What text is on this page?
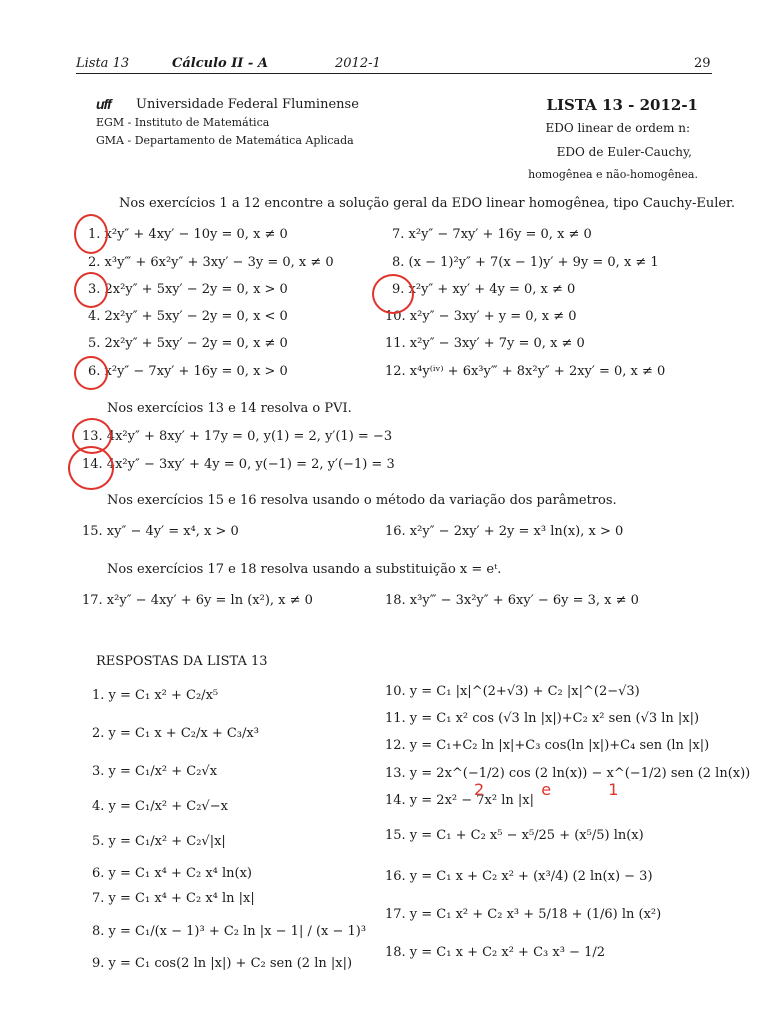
Lista 13	Cálculo II - A	2012-1	29
uff Universidade Federal Fluminense
EGM - Instituto de Matemática
GMA - Departamento de Matemática Aplicada
LISTA 13 - 2012-1
EDO linear de ordem n:
EDO de Euler-Cauchy,
homogênea e não-homogênea.
Nos exercícios 1 a 12 encontre a solução geral da EDO linear homogênea, tipo Cauchy-Euler.
1. x²y″ + 4xy′ − 10y = 0, x ≠ 0
2. x³y‴ + 6x²y″ + 3xy′ − 3y = 0, x ≠ 0
3. 2x²y″ + 5xy′ − 2y = 0, x > 0
4. 2x²y″ + 5xy′ − 2y = 0, x < 0
5. 2x²y″ + 5xy′ − 2y = 0, x ≠ 0
6. x²y″ − 7xy′ + 16y = 0, x > 0
7. x²y″ − 7xy′ + 16y = 0, x ≠ 0
8. (x − 1)²y″ + 7(x − 1)y′ + 9y = 0, x ≠ 1
9. x²y″ + xy′ + 4y = 0, x ≠ 0
10. x²y″ − 3xy′ + y = 0, x ≠ 0
11. x²y″ − 3xy′ + 7y = 0, x ≠ 0
12. x⁴y⁽ⁱᵛ⁾ + 6x³y‴ + 8x²y″ + 2xy′ = 0, x ≠ 0
Nos exercícios 13 e 14 resolva o PVI.
13. 4x²y″ + 8xy′ + 17y = 0, y(1) = 2, y′(1) = −3
14. 4x²y″ − 3xy′ + 4y = 0, y(−1) = 2, y′(−1) = 3
Nos exercícios 15 e 16 resolva usando o método da variação dos parâmetros.
15. xy″ − 4y′ = x⁴, x > 0	16. x²y″ − 2xy′ + 2y = x³ ln(x), x > 0
Nos exercícios 17 e 18 resolva usando a substituição x = eᵗ.
17. x²y″ − 4xy′ + 6y = ln (x²), x ≠ 0	18. x³y‴ − 3x²y″ + 6xy′ − 6y = 3, x ≠ 0
RESPOSTAS DA LISTA 13
1. y = C₁ x² + C₂/x⁵
2. y = C₁ x + C₂/x + C₃/x³
3. y = C₁/x² + C₂√x
4. y = C₁/x² + C₂√−x
5. y = C₁/x² + C₂√|x|
6. y = C₁ x⁴ + C₂ x⁴ ln(x)
7. y = C₁ x⁴ + C₂ x⁴ ln |x|
8. y = C₁/(x − 1)³ + C₂ ln |x − 1| / (x − 1)³
9. y = C₁ cos(2 ln |x|) + C₂ sen (2 ln |x|)
10. y = C₁ |x|^(2+√3) + C₂ |x|^(2−√3)
11. y = C₁ x² cos (√3 ln |x|)+C₂ x² sen (√3 ln |x|)
12. y = C₁+C₂ ln |x|+C₃ cos(ln |x|)+C₄ sen (ln |x|)
13. y = 2x^(−1/2) cos (2 ln(x)) − x^(−1/2) sen (2 ln(x))
14. y = 2x² − 7x² ln |x|
15. y = C₁ + C₂ x⁵ − x⁵/25 + (x⁵/5) ln(x)
16. y = C₁ x + C₂ x² + (x³/4) (2 ln(x) − 3)
17. y = C₁ x² + C₂ x³ + 5/18 + (1/6) ln (x²)
18. y = C₁ x + C₂ x² + C₃ x³ − 1/2
2 e 1
